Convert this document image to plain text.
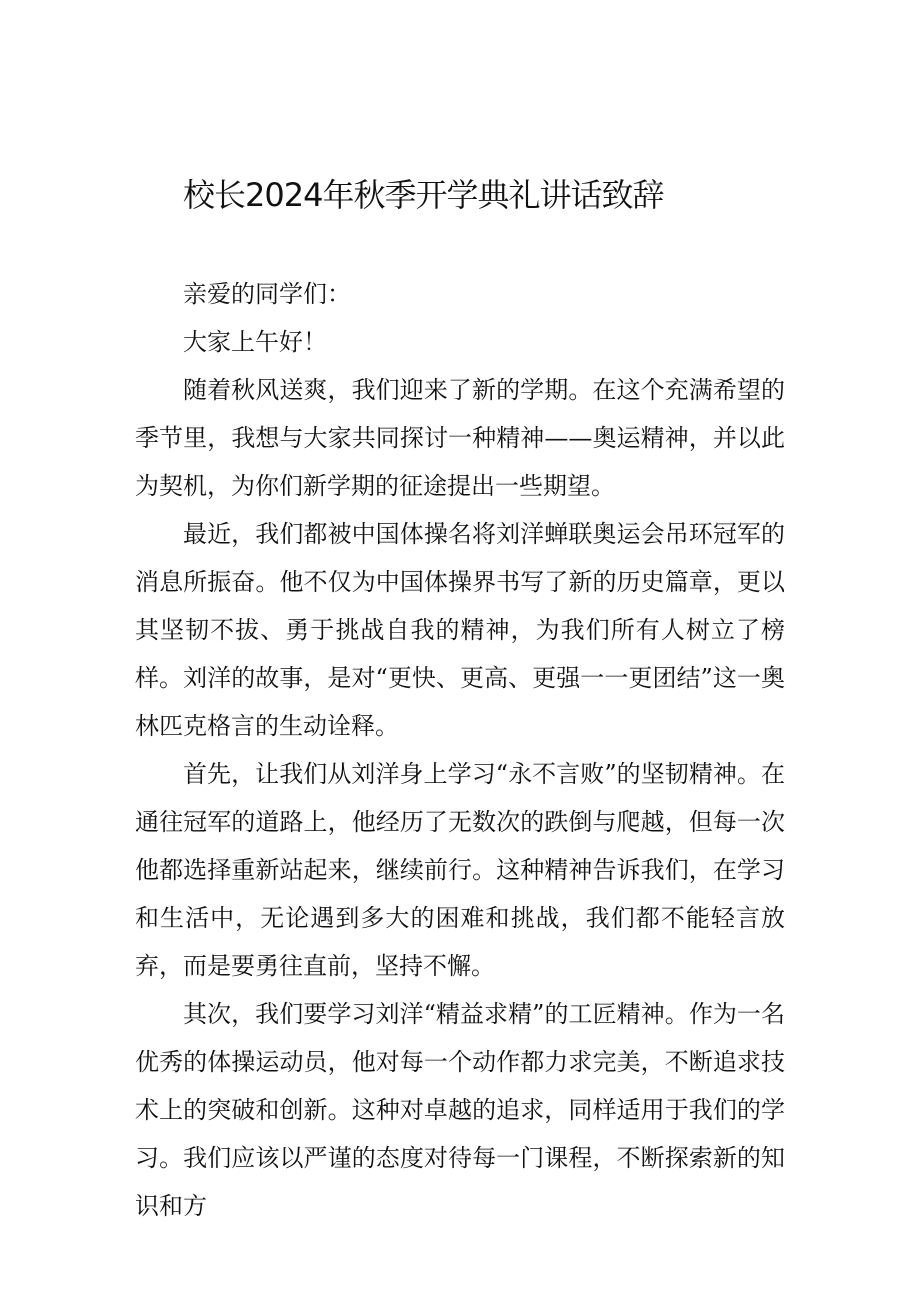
校长2024年秋季开学典礼讲话致辞

亲爱的同学们：

大家上午好！

随着秋风送爽，我们迎来了新的学期。在这个充满希望的季节里，我想与大家共同探讨一种精神——奥运精神，并以此为契机，为你们新学期的征途提出一些期望。

最近，我们都被中国体操名将刘洋蝉联奥运会吊环冠军的消息所振奋。他不仅为中国体操界书写了新的历史篇章，更以其坚韧不拔、勇于挑战自我的精神，为我们所有人树立了榜样。刘洋的故事，是对“更快、更高、更强一一更团结”这一奥林匹克格言的生动诠释。

首先，让我们从刘洋身上学习“永不言败”的坚韧精神。在通往冠军的道路上，他经历了无数次的跌倒与爬越，但每一次他都选择重新站起来，继续前行。这种精神告诉我们，在学习和生活中，无论遇到多大的困难和挑战，我们都不能轻言放弃，而是要勇往直前，坚持不懈。

其次，我们要学习刘洋“精益求精”的工匠精神。作为一名优秀的体操运动员，他对每一个动作都力求完美，不断追求技术上的突破和创新。这种对卓越的追求，同样适用于我们的学习。我们应该以严谨的态度对待每一门课程，不断探索新的知识和方
